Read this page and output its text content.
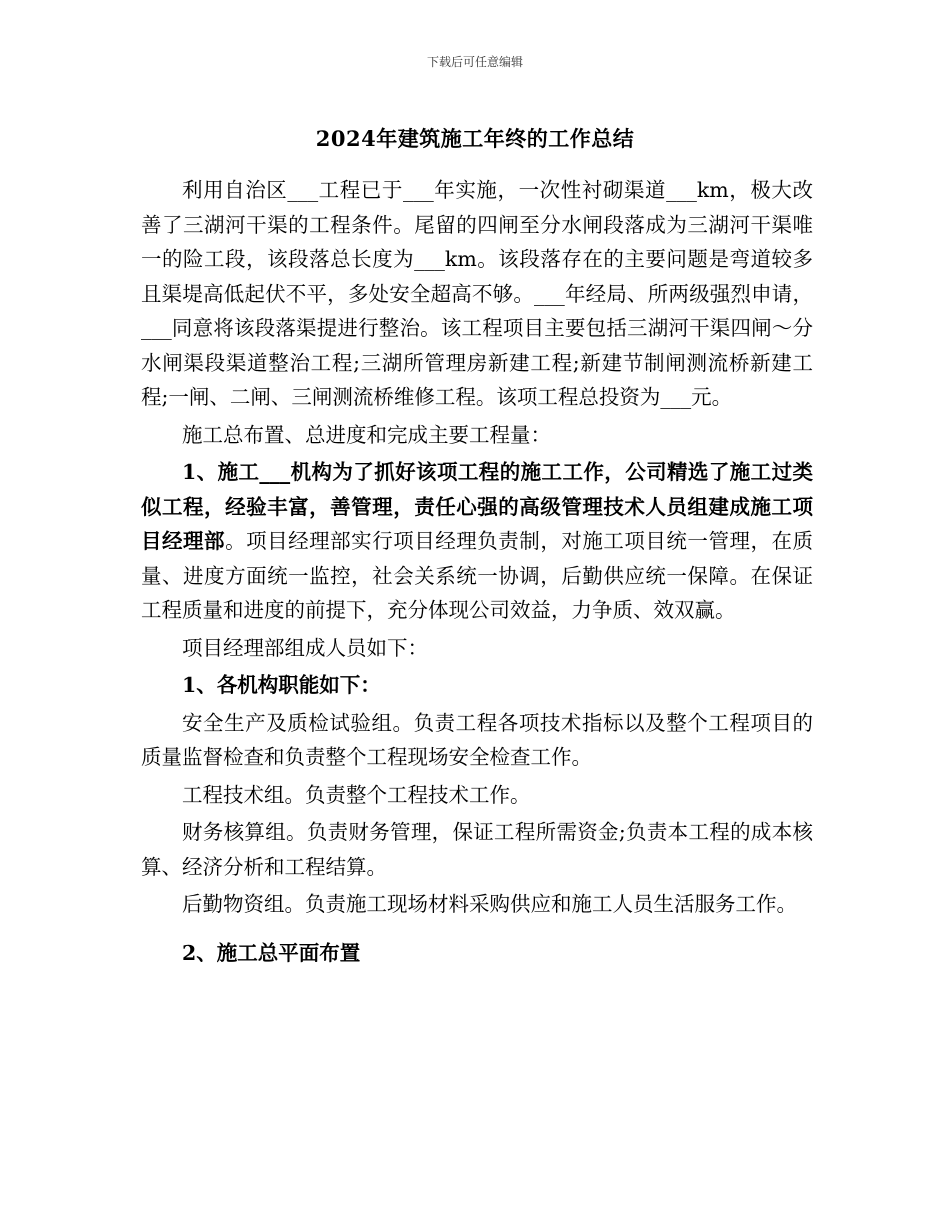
下载后可任意编辑
2024年建筑施工年终的工作总结

利用自治区___工程已于___年实施，一次性衬砌渠道___km，极大改善了三湖河干渠的工程条件。尾留的四闸至分水闸段落成为三湖河干渠唯一的险工段，该段落总长度为___km。该段落存在的主要问题是弯道较多且渠堤高低起伏不平，多处安全超高不够。___年经局、所两级强烈申请，___同意将该段落渠提进行整治。该工程项目主要包括三湖河干渠四闸～分水闸渠段渠道整治工程;三湖所管理房新建工程;新建节制闸测流桥新建工程;一闸、二闸、三闸测流桥维修工程。该项工程总投资为___元。

施工总布置、总进度和完成主要工程量：

1、施工___机构为了抓好该项工程的施工工作，公司精选了施工过类似工程，经验丰富，善管理，责任心强的高级管理技术人员组建成施工项目经理部。项目经理部实行项目经理负责制，对施工项目统一管理，在质量、进度方面统一监控，社会关系统一协调，后勤供应统一保障。在保证工程质量和进度的前提下，充分体现公司效益，力争质、效双赢。

项目经理部组成人员如下：

1、各机构职能如下：

安全生产及质检试验组。负责工程各项技术指标以及整个工程项目的质量监督检查和负责整个工程现场安全检查工作。

工程技术组。负责整个工程技术工作。

财务核算组。负责财务管理，保证工程所需资金;负责本工程的成本核算、经济分析和工程结算。

后勤物资组。负责施工现场材料采购供应和施工人员生活服务工作。

2、施工总平面布置
